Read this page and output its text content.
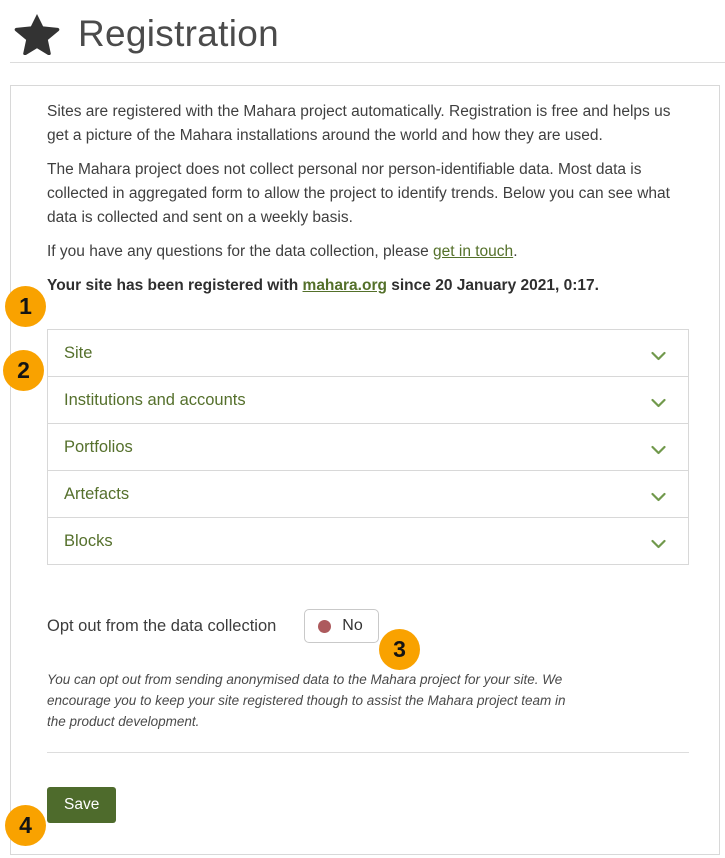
Registration

Sites are registered with the Mahara project automatically. Registration is free and helps us get a picture of the Mahara installations around the world and how they are used.

The Mahara project does not collect personal nor person-identifiable data. Most data is collected in aggregated form to allow the project to identify trends. Below you can see what data is collected and sent on a weekly basis.

If you have any questions for the data collection, please get in touch.

Your site has been registered with mahara.org since 20 January 2021, 0:17.

Site
Institutions and accounts
Portfolios
Artefacts
Blocks
Opt out from the data collection	No

You can opt out from sending anonymised data to the Mahara project for your site. We encourage you to keep your site registered though to assist the Mahara project team in the product development.

Save
1
2
3
4
